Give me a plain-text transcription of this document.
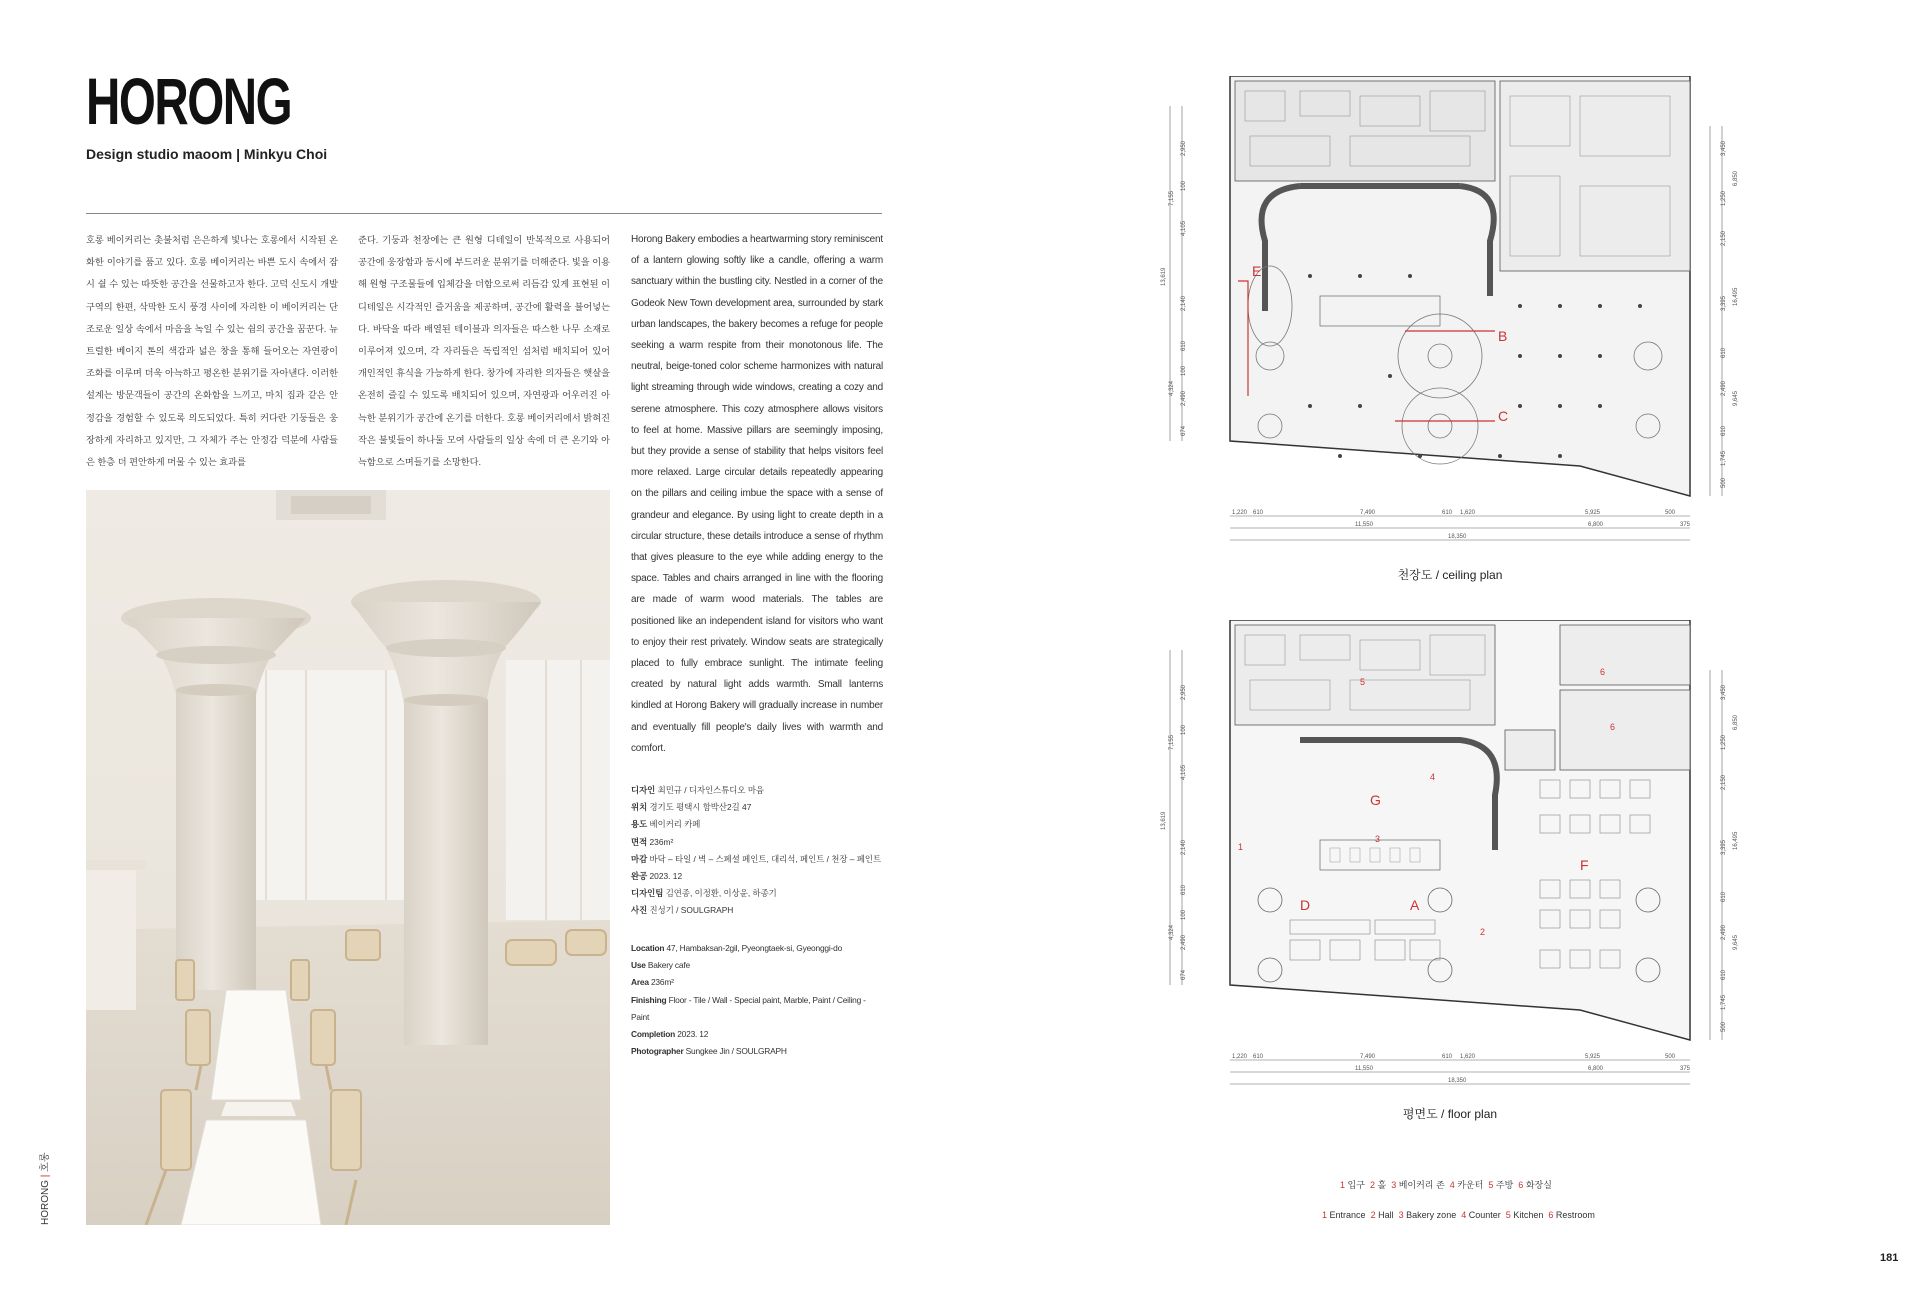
HORONG
Design studio maoom | Minkyu Choi
호롱 베이커리는 촛불처럼 은은하게 빛나는 호롱에서 시작된 온화한 이야기를 품고 있다. 호롱 베이커리는 바쁜 도시 속에서 잠시 쉴 수 있는 따뜻한 공간을 선물하고자 한다. 고덕 신도시 개발 구역의 한편, 삭막한 도시 풍경 사이에 자리한 이 베이커리는 단조로운 일상 속에서 마음을 녹일 수 있는 쉼의 공간을 꿈꾼다. 뉴트럴한 베이지 톤의 색감과 넓은 창을 통해 들어오는 자연광이 조화를 이루며 더욱 아늑하고 평온한 분위기를 자아낸다. 이러한 설계는 방문객들이 공간의 온화함을 느끼고, 마치 집과 같은 안정감을 경험할 수 있도록 의도되었다. 특히 커다란 기둥들은 웅장하게 자리하고 있지만, 그 자체가 주는 안정감 덕분에 사람들은 한층 더 편안하게 머물 수 있는 효과를
준다. 기둥과 천장에는 큰 원형 디테일이 반복적으로 사용되어 공간에 웅장함과 동시에 부드러운 분위기를 더해준다. 빛을 이용해 원형 구조물들에 입체감을 더함으로써 리듬감 있게 표현된 이 디테일은 시각적인 즐거움을 제공하며, 공간에 활력을 불어넣는다. 바닥을 따라 배열된 테이블과 의자들은 따스한 나무 소재로 이루어져 있으며, 각 자리들은 독립적인 섬처럼 배치되어 있어 개인적인 휴식을 가능하게 한다. 창가에 자리한 의자들은 햇살을 온전히 즐길 수 있도록 배치되어 있으며, 자연광과 어우러진 아늑한 분위기가 공간에 온기를 더한다. 호롱 베이커리에서 밝혀진 작은 불빛들이 하나둘 모여 사람들의 일상 속에 더 큰 온기와 아늑함으로 스며들기를 소망한다.
Horong Bakery embodies a heartwarming story reminiscent of a lantern glowing softly like a candle, offering a warm sanctuary within the bustling city. Nestled in a corner of the Godeok New Town development area, surrounded by stark urban landscapes, the bakery becomes a refuge for people seeking a warm respite from their monotonous life. The neutral, beige-toned color scheme harmonizes with natural light streaming through wide windows, creating a cozy and serene atmosphere. This cozy atmosphere allows visitors to feel at home. Massive pillars are seemingly imposing, but they provide a sense of stability that helps visitors feel more relaxed. Large circular details repeatedly appearing on the pillars and ceiling imbue the space with a sense of grandeur and elegance. By using light to create depth in a circular structure, these details introduce a sense of rhythm that gives pleasure to the eye while adding energy to the space. Tables and chairs arranged in line with the flooring are made of warm wood materials. The tables are positioned like an independent island for visitors who want to enjoy their rest privately. Window seats are strategically placed to fully embrace sunlight. The intimate feeling created by natural light adds warmth. Small lanterns kindled at Horong Bakery will gradually increase in number and eventually fill people's daily lives with warmth and comfort.
디자인 최민규 / 디자인스튜디오 마음
위치 경기도 평택시 함박산2길 47
용도 베이커리 카페
면적 236m²
마감 바닥 – 타일 / 벽 – 스페셜 페인트, 대리석, 페인트 / 천장 – 페인트
완공 2023. 12
디자인팀 김연종, 이정환, 이상윤, 하종기
사진 진성기 / SOULGRAPH
Location 47, Hambaksan-2gil, Pyeongtaek-si, Gyeonggi-do
Use Bakery cafe
Area 236m²
Finishing Floor - Tile / Wall - Special paint, Marble, Paint / Ceiling - Paint
Completion 2023. 12
Photographer Sungkee Jin / SOULGRAPH
HORONG | 호롱
2,950
100
4,105
2,140
610
100
2,490
674
7,155
13,619
4,324
3,450
1,250
2,150
3,395
610
2,490
610
1,745
500
6,850
16,495
9,645
1,220 610	7,490	610 1,620	5,925	500
11,550	6,800	375
18,350
E
B
C
천장도 / ceiling plan
2,950
100
4,105
2,140
610
100
2,490
674
7,155
13,619
4,324
3,450
1,250
2,150
3,395
610
2,490
610
1,745
500
6,850
16,495
9,645
1,220 610	7,490	610 1,620	5,925	500
11,550	6,800	375
18,350
1
2
3
4
5
6
6
G
D	A
F
평면도 / floor plan
1 입구 2 홀 3 베이커리 존 4 카운터 5 주방 6 화장실
1 Entrance 2 Hall 3 Bakery zone 4 Counter 5 Kitchen 6 Restroom
181
